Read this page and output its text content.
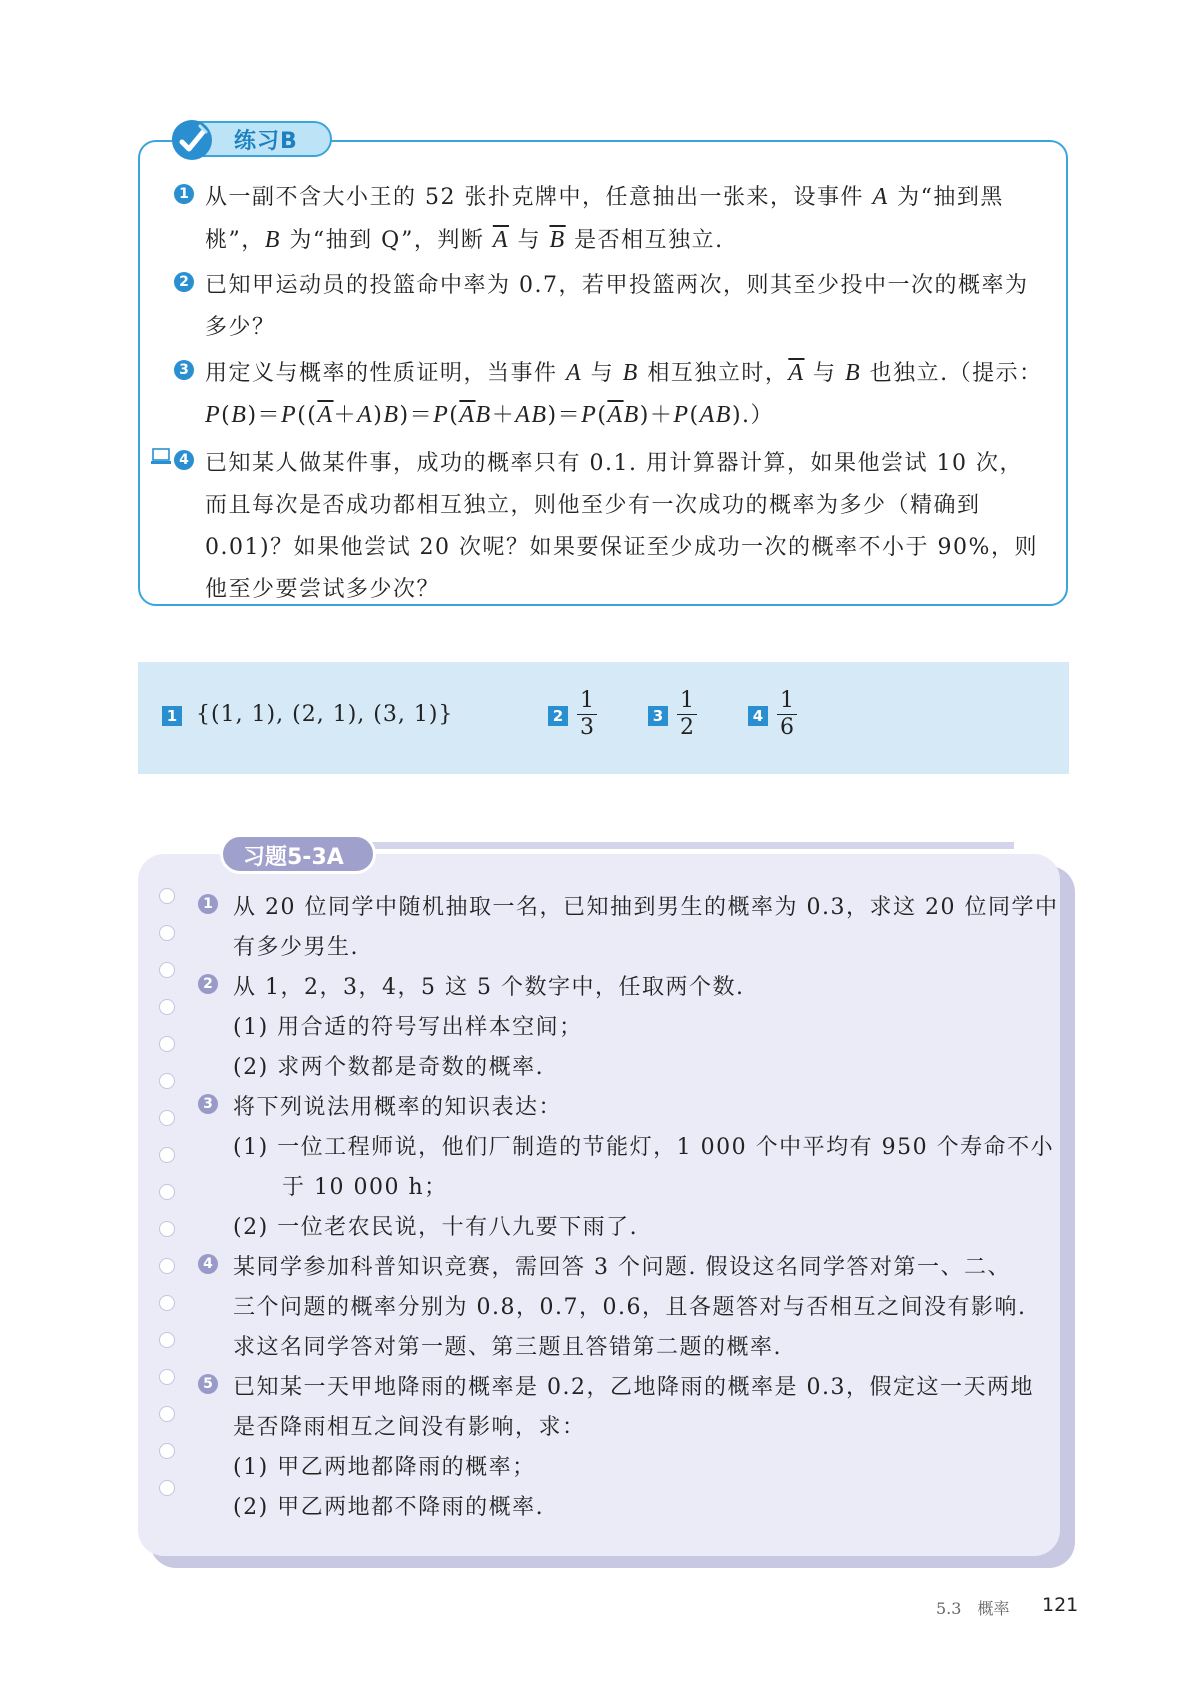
练习B
1 从一副不含大小王的 52 张扑克牌中，任意抽出一张来，设事件 A 为“抽到黑
桃”，B 为“抽到 Q”，判断 $\overline{A}$ 与 $\overline{B}$ 是否相互独立.
2 已知甲运动员的投篮命中率为 0.7，若甲投篮两次，则其至少投中一次的概率为
多少？
3 用定义与概率的性质证明，当事件 A 与 B 相互独立时，$\overline{A}$ 与 B 也独立.（提示：
$P(B)=P((\overline{A}+A)B)=P(\overline{A}B+AB)=P(\overline{A}B)+P(AB)$.）
4 已知某人做某件事，成功的概率只有 0.1. 用计算器计算，如果他尝试 10 次，
而且每次是否成功都相互独立，则他至少有一次成功的概率为多少（精确到
0.01)？如果他尝试 20 次呢？如果要保证至少成功一次的概率不小于 90%，则
他至少要尝试多少次？
1 {(1, 1), (2, 1), (3, 1)}	2
1
3	3
1
2	4
1
6
习题5-3A
1 从 20 位同学中随机抽取一名，已知抽到男生的概率为 0.3，求这 20 位同学中
有多少男生.
2 从 1，2，3，4，5 这 5 个数字中，任取两个数.
(1) 用合适的符号写出样本空间；
(2) 求两个数都是奇数的概率.
3 将下列说法用概率的知识表达：
(1) 一位工程师说，他们厂制造的节能灯，1 000 个中平均有 950 个寿命不小
于 10 000 h；
(2) 一位老农民说，十有八九要下雨了.
4 某同学参加科普知识竞赛，需回答 3 个问题. 假设这名同学答对第一、二、
三个问题的概率分别为 0.8，0.7，0.6，且各题答对与否相互之间没有影响.
求这名同学答对第一题、第三题且答错第二题的概率.
5 已知某一天甲地降雨的概率是 0.2，乙地降雨的概率是 0.3，假定这一天两地
是否降雨相互之间没有影响，求：
(1) 甲乙两地都降雨的概率；
(2) 甲乙两地都不降雨的概率.
5.3　概率 121
